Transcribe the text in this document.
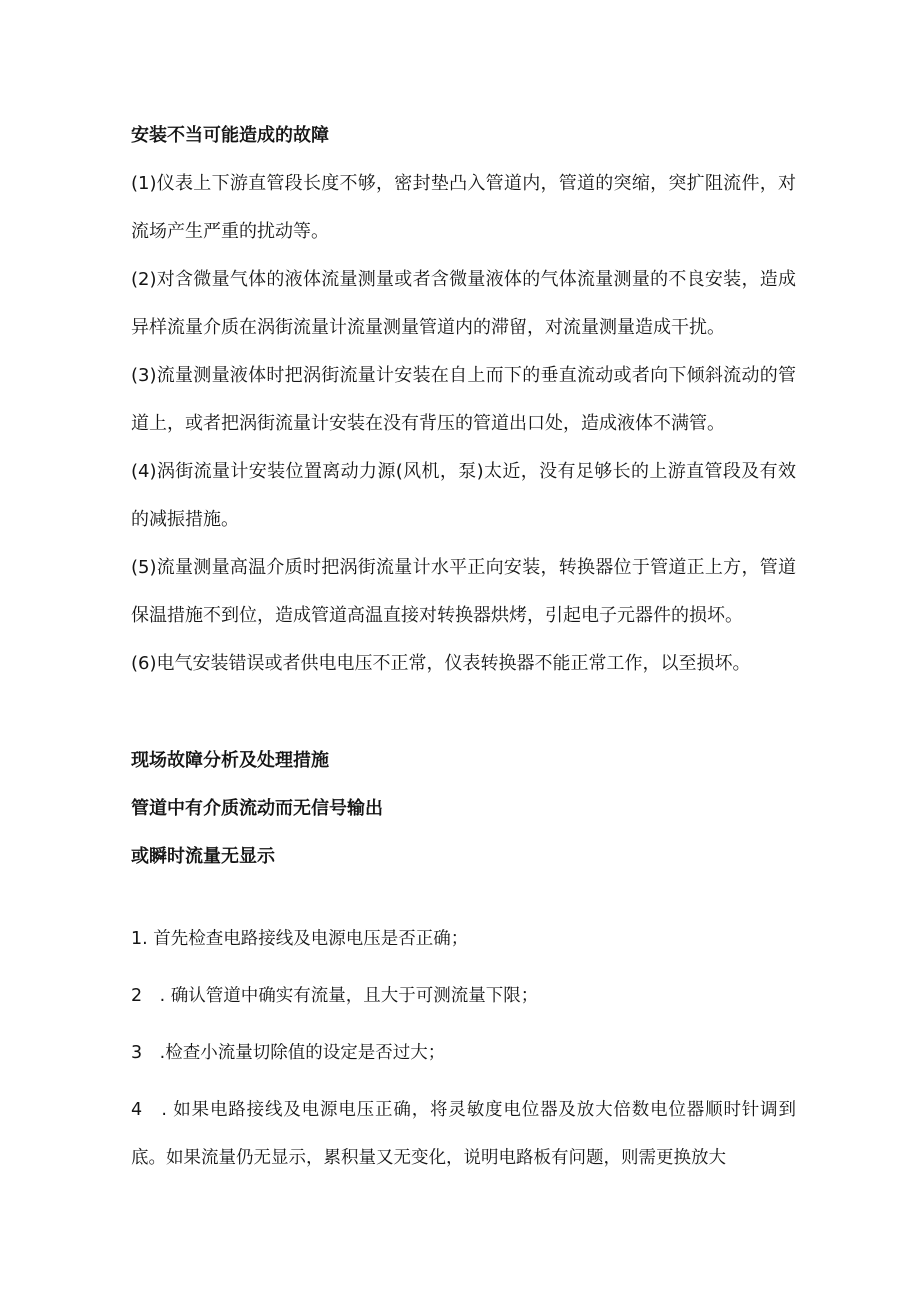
安装不当可能造成的故障

(1)仪表上下游直管段长度不够，密封垫凸入管道内，管道的突缩，突扩阻流件，对流场产生严重的扰动等。

(2)对含微量气体的液体流量测量或者含微量液体的气体流量测量的不良安装，造成异样流量介质在涡街流量计流量测量管道内的滞留，对流量测量造成干扰。

(3)流量测量液体时把涡街流量计安装在自上而下的垂直流动或者向下倾斜流动的管道上，或者把涡街流量计安装在没有背压的管道出口处，造成液体不满管。

(4)涡街流量计安装位置离动力源(风机，泵)太近，没有足够长的上游直管段及有效的减振措施。

(5)流量测量高温介质时把涡街流量计水平正向安装，转换器位于管道正上方，管道保温措施不到位，造成管道高温直接对转换器烘烤，引起电子元器件的损坏。

(6)电气安装错误或者供电电压不正常，仪表转换器不能正常工作，以至损坏。

现场故障分析及处理措施

管道中有介质流动而无信号输出

或瞬时流量无显示

1. 首先检查电路接线及电源电压是否正确；

2　. 确认管道中确实有流量，且大于可测流量下限；

3　.检查小流量切除值的设定是否过大；

4　. 如果电路接线及电源电压正确，将灵敏度电位器及放大倍数电位器顺时针调到底。如果流量仍无显示，累积量又无变化，说明电路板有问题，则需更换放大
